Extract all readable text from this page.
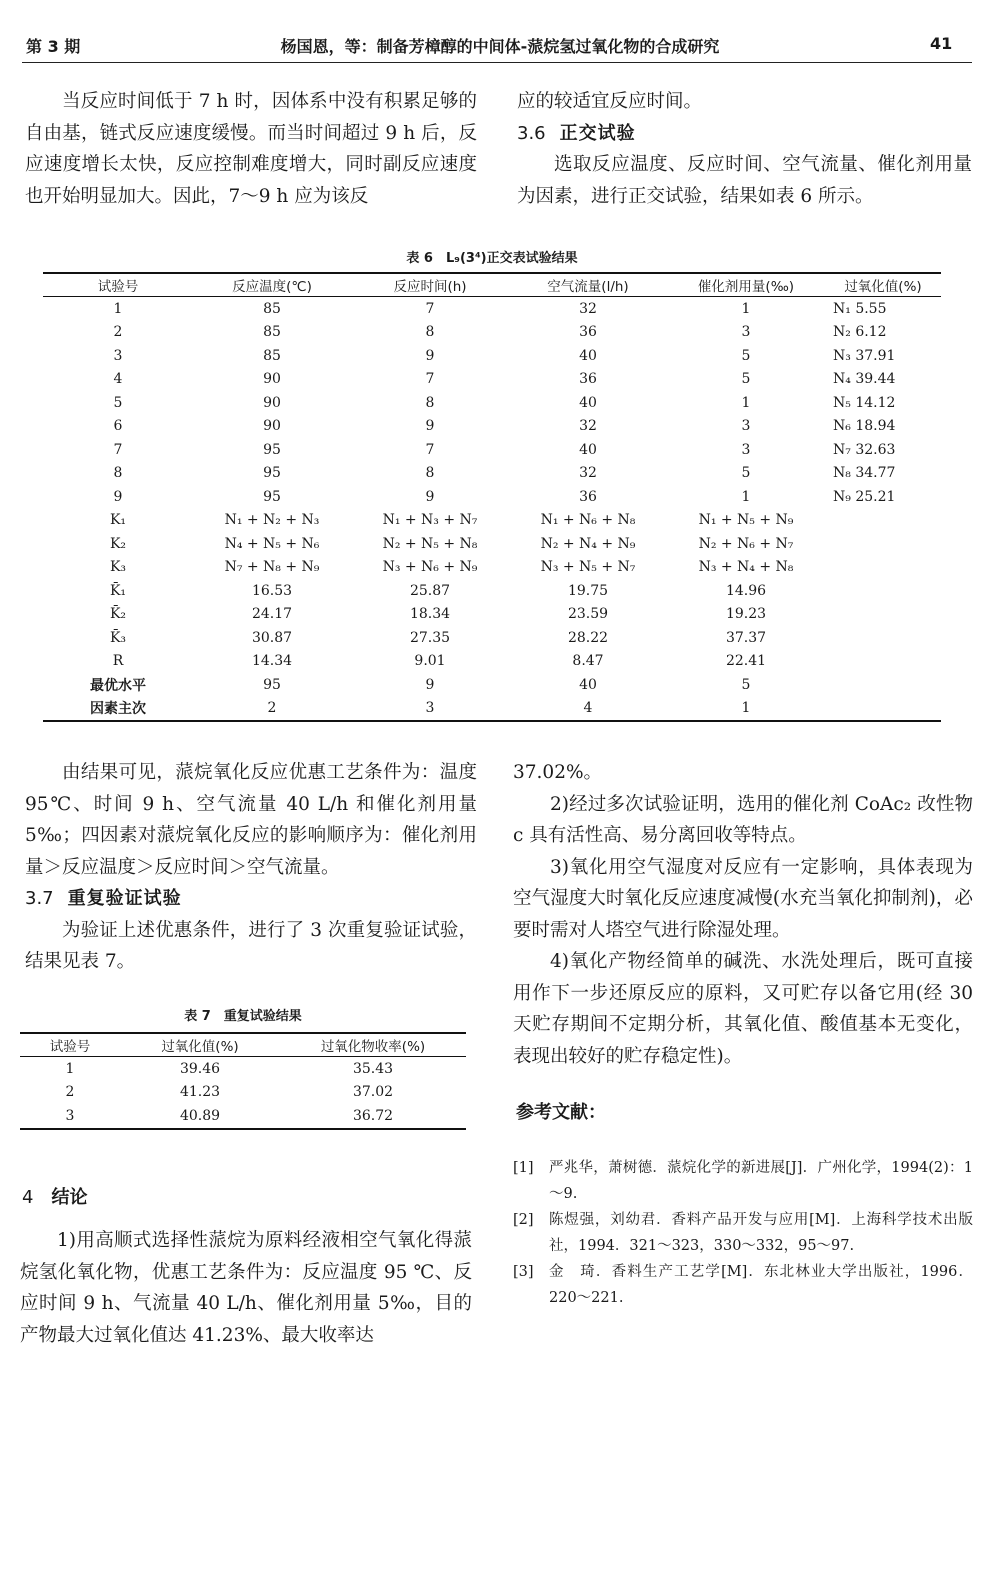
第 3 期	杨国恩，等：制备芳樟醇的中间体-蒎烷氢过氧化物的合成研究	41

当反应时间低于 7 h 时，因体系中没有积累足够的自由基，链式反应速度缓慢。而当时间超过 9 h 后，反应速度增长太快，反应控制难度增大，同时副反应速度也开始明显加大。因此，7～9 h 应为该反

应的较适宜反应时间。

3.6 正交试验

选取反应温度、反应时间、空气流量、催化剂用量为因素，进行正交试验，结果如表 6 所示。

表 6　L₉(3⁴)正交表试验结果
试验号	反应温度(℃)	反应时间(h)	空气流量(l/h)	催化剂用量(‰)	过氧化值(%)
1	85	7	32	1	N₁ 5.55
2	85	8	36	3	N₂ 6.12
3	85	9	40	5	N₃ 37.91
4	90	7	36	5	N₄ 39.44
5	90	8	40	1	N₅ 14.12
6	90	9	32	3	N₆ 18.94
7	95	7	40	3	N₇ 32.63
8	95	8	32	5	N₈ 34.77
9	95	9	36	1	N₉ 25.21
K₁	N₁ + N₂ + N₃	N₁ + N₃ + N₇	N₁ + N₆ + N₈	N₁ + N₅ + N₉	
K₂	N₄ + N₅ + N₆	N₂ + N₅ + N₈	N₂ + N₄ + N₉	N₂ + N₆ + N₇	
K₃	N₇ + N₈ + N₉	N₃ + N₆ + N₉	N₃ + N₅ + N₇	N₃ + N₄ + N₈	
K̄₁	16.53	25.87	19.75	14.96	
K̄₂	24.17	18.34	23.59	19.23	
K̄₃	30.87	27.35	28.22	37.37	
R	14.34	9.01	8.47	22.41	
最优水平	95	9	40	5	
因素主次	2	3	4	1	

由结果可见，蒎烷氧化反应优惠工艺条件为：温度 95℃、时间 9 h、空气流量 40 L/h 和催化剂用量 5‰；四因素对蒎烷氧化反应的影响顺序为：催化剂用量＞反应温度＞反应时间＞空气流量。

3.7 重复验证试验

为验证上述优惠条件，进行了 3 次重复验证试验，结果见表 7。

表 7　重复试验结果
试验号	过氧化值(%)	过氧化物收率(%)
1	39.46	35.43
2	41.23	37.02
3	40.89	36.72
4 结论

1)用高顺式选择性蒎烷为原料经液相空气氧化得蒎烷氢化氧化物，优惠工艺条件为：反应温度 95 ℃、反应时间 9 h、气流量 40 L/h、催化剂用量 5‰，目的产物最大过氧化值达 41.23%、最大收率达

37.02%。

2)经过多次试验证明，选用的催化剂 CoAc₂ 改性物 c 具有活性高、易分离回收等特点。

3)氧化用空气湿度对反应有一定影响，具体表现为空气湿度大时氧化反应速度减慢(水充当氧化抑制剂)，必要时需对人塔空气进行除湿处理。

4)氧化产物经简单的碱洗、水洗处理后，既可直接用作下一步还原反应的原料，又可贮存以备它用(经 30 天贮存期间不定期分析，其氧化值、酸值基本无变化，表现出较好的贮存稳定性)。

参考文献：
[1]	严兆华，萧树德．蒎烷化学的新进展[J]．广州化学，1994(2)：1～9.
[2]	陈煜强，刘幼君．香料产品开发与应用[M]．上海科学技术出版社，1994．321～323，330～332，95～97.
[3]	金　琦．香料生产工艺学[M]．东北林业大学出版社，1996．220～221.
